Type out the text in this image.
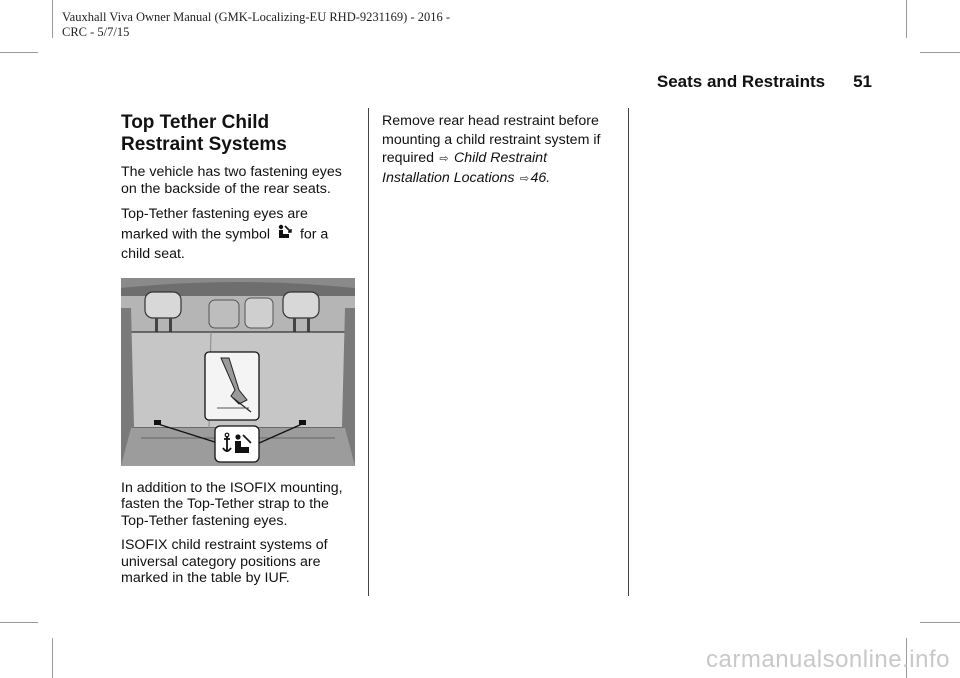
Vauxhall Viva Owner Manual (GMK-Localizing-EU RHD-9231169) - 2016 -
CRC - 5/7/15
Seats and Restraints 51
Top Tether Child
Restraint Systems

The vehicle has two fastening eyes on the backside of the rear seats.

Top-Tether fastening eyes are marked with the symbol for a child seat.

In addition to the ISOFIX mounting, fasten the Top-Tether strap to the Top-Tether fastening eyes.

ISOFIX child restraint systems of universal category positions are marked in the table by IUF.

Remove rear head restraint before mounting a child restraint system if required ⇨ Child Restraint Installation Locations ⇨46.

carmanualsonline.info
